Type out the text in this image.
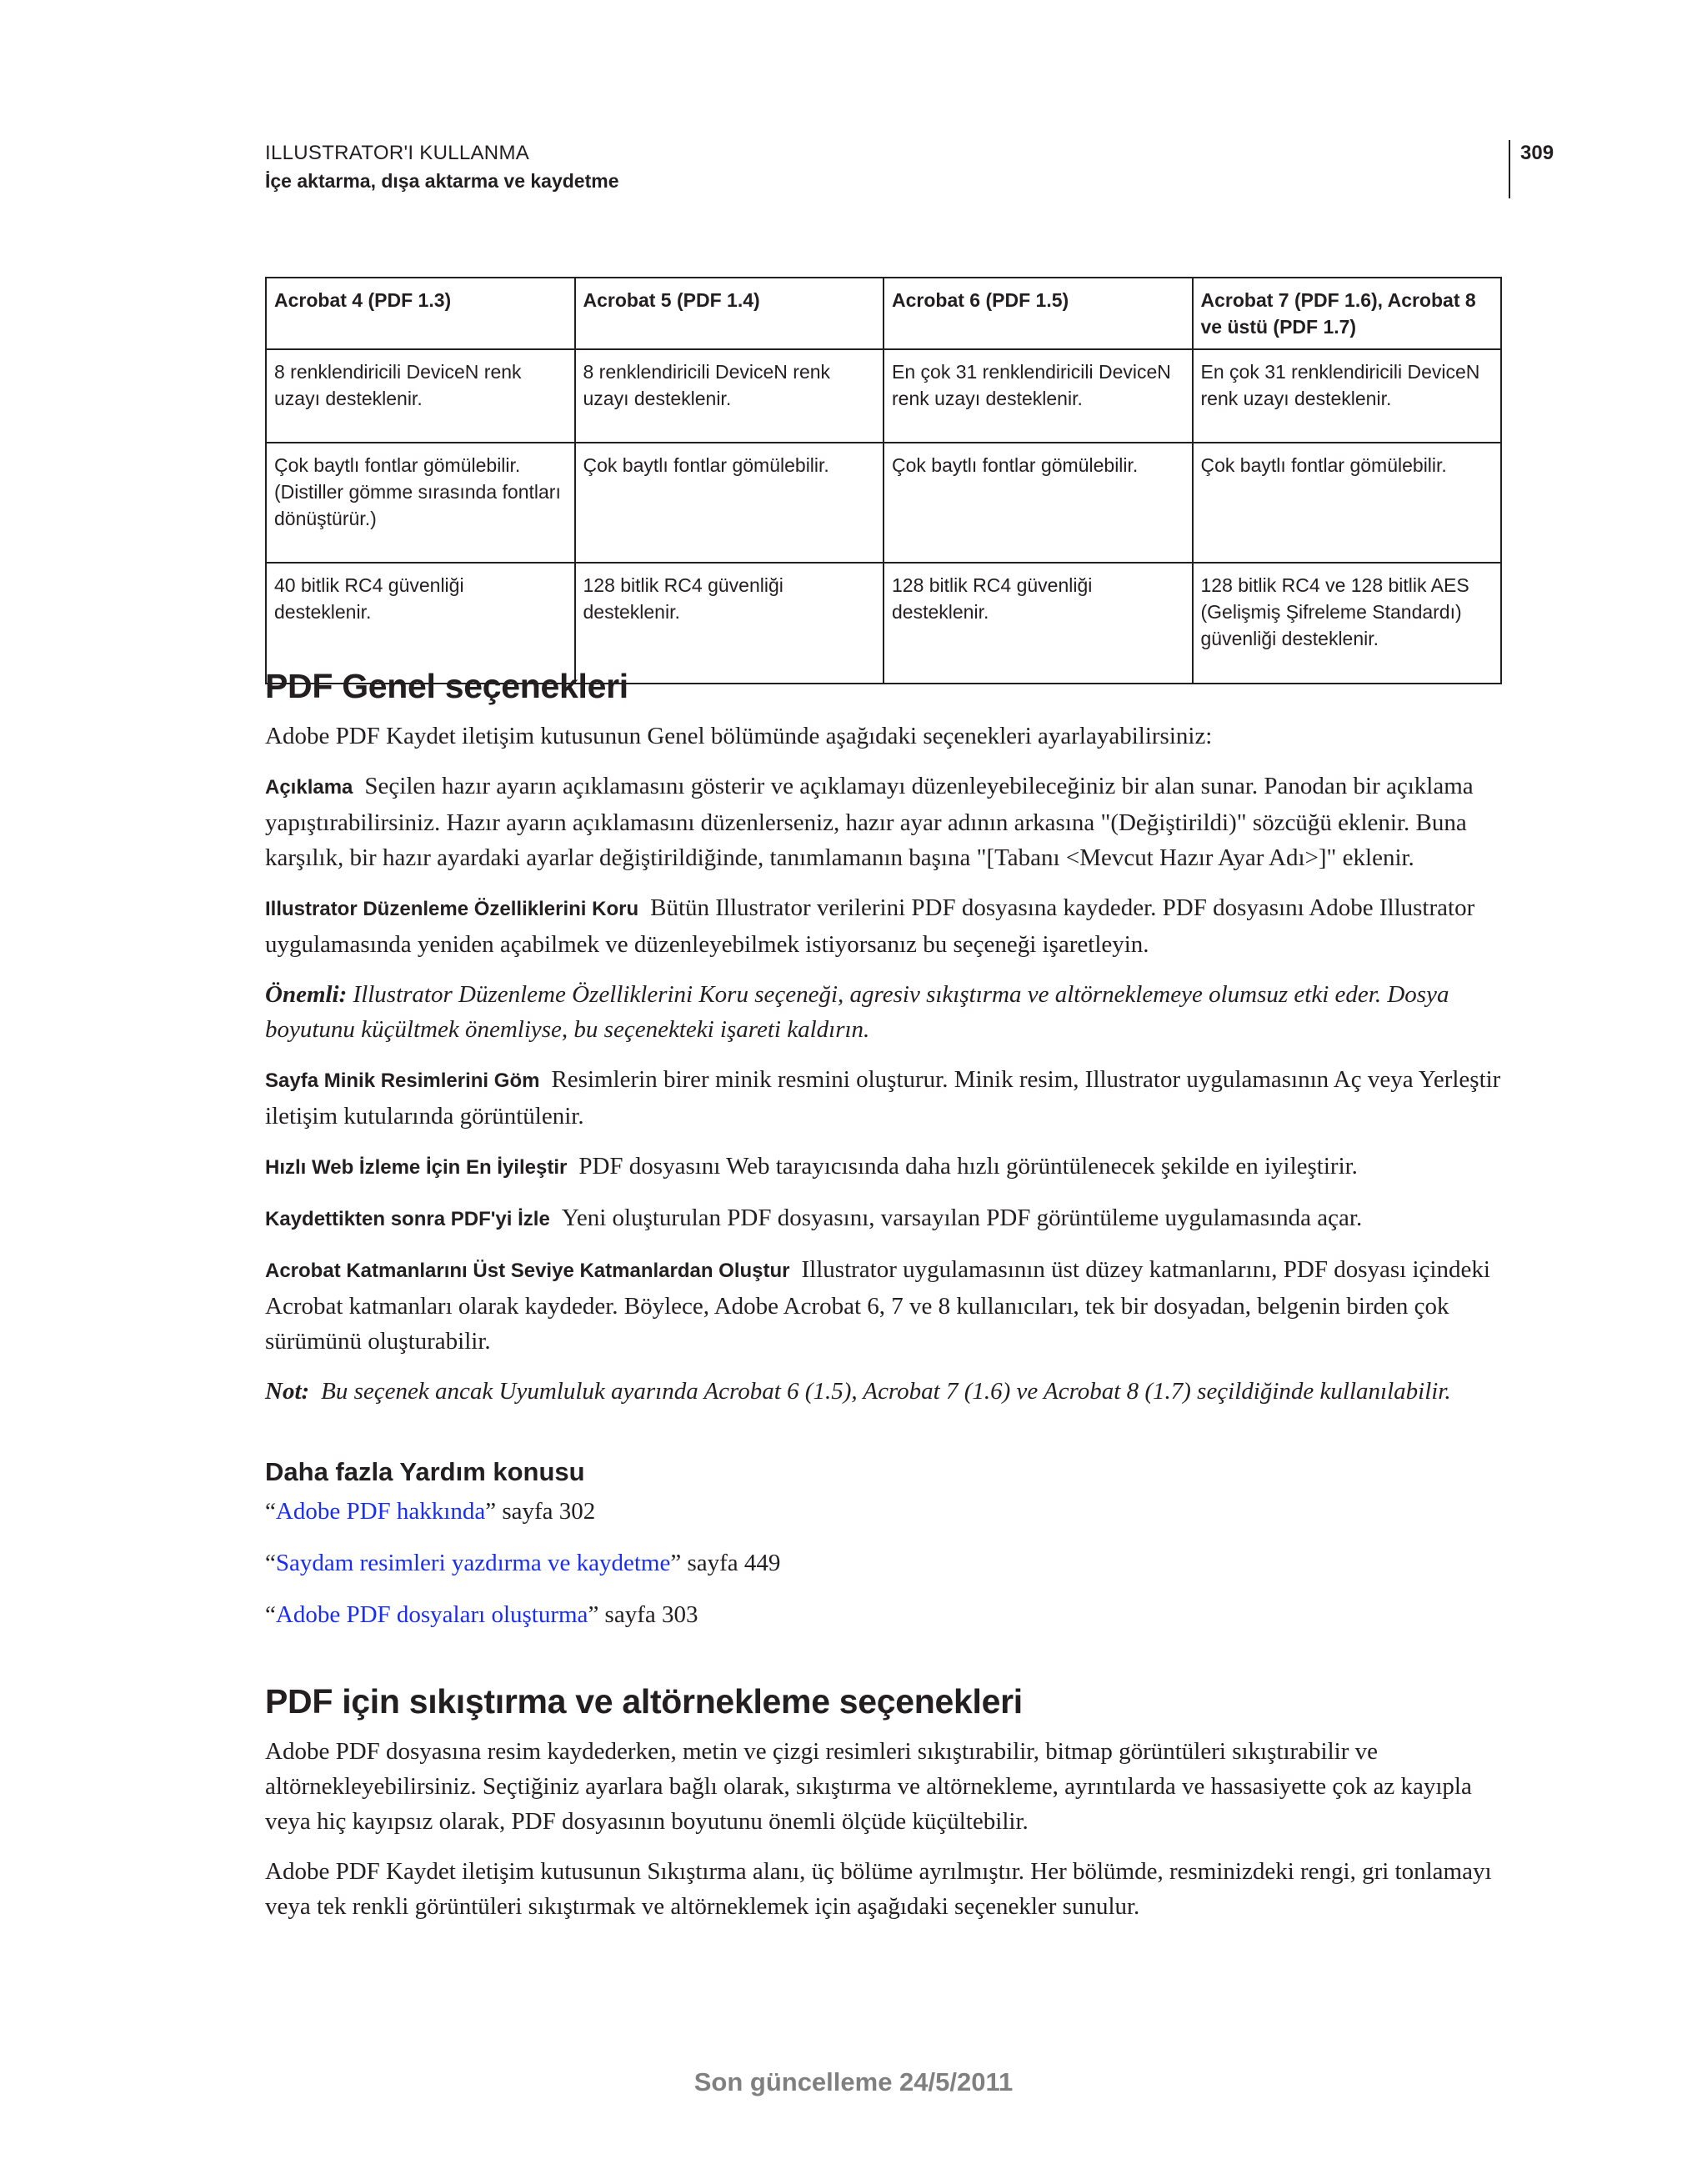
ILLUSTRATOR'I KULLANMA
İçe aktarma, dışa aktarma ve kaydetme
309
Acrobat 4 (PDF 1.3)	Acrobat 5 (PDF 1.4)	Acrobat 6 (PDF 1.5)	Acrobat 7 (PDF 1.6), Acrobat 8 ve üstü (PDF 1.7)
8 renklendiricili DeviceN renk uzayı desteklenir.	8 renklendiricili DeviceN renk uzayı desteklenir.	En çok 31 renklendiricili DeviceN renk uzayı desteklenir.	En çok 31 renklendiricili DeviceN renk uzayı desteklenir.
Çok baytlı fontlar gömülebilir. (Distiller gömme sırasında fontları dönüştürür.)	Çok baytlı fontlar gömülebilir.	Çok baytlı fontlar gömülebilir.	Çok baytlı fontlar gömülebilir.
40 bitlik RC4 güvenliği desteklenir.	128 bitlik RC4 güvenliği desteklenir.	128 bitlik RC4 güvenliği desteklenir.	128 bitlik RC4 ve 128 bitlik AES (Gelişmiş Şifreleme Standardı) güvenliği desteklenir.
PDF Genel seçenekleri

Adobe PDF Kaydet iletişim kutusunun Genel bölümünde aşağıdaki seçenekleri ayarlayabilirsiniz:

Açıklama Seçilen hazır ayarın açıklamasını gösterir ve açıklamayı düzenleyebileceğiniz bir alan sunar. Panodan bir açıklama yapıştırabilirsiniz. Hazır ayarın açıklamasını düzenlerseniz, hazır ayar adının arkasına "(Değiştirildi)" sözcüğü eklenir. Buna karşılık, bir hazır ayardaki ayarlar değiştirildiğinde, tanımlamanın başına "[Tabanı <Mevcut Hazır Ayar Adı>]" eklenir.

Illustrator Düzenleme Özelliklerini Koru Bütün Illustrator verilerini PDF dosyasına kaydeder. PDF dosyasını Adobe Illustrator uygulamasında yeniden açabilmek ve düzenleyebilmek istiyorsanız bu seçeneği işaretleyin.

Önemli: Illustrator Düzenleme Özelliklerini Koru seçeneği, agresiv sıkıştırma ve altörneklemeye olumsuz etki eder. Dosya boyutunu küçültmek önemliyse, bu seçenekteki işareti kaldırın.

Sayfa Minik Resimlerini Göm Resimlerin birer minik resmini oluşturur. Minik resim, Illustrator uygulamasının Aç veya Yerleştir iletişim kutularında görüntülenir.

Hızlı Web İzleme İçin En İyileştir PDF dosyasını Web tarayıcısında daha hızlı görüntülenecek şekilde en iyileştirir.

Kaydettikten sonra PDF'yi İzle Yeni oluşturulan PDF dosyasını, varsayılan PDF görüntüleme uygulamasında açar.

Acrobat Katmanlarını Üst Seviye Katmanlardan Oluştur Illustrator uygulamasının üst düzey katmanlarını, PDF dosyası içindeki Acrobat katmanları olarak kaydeder. Böylece, Adobe Acrobat 6, 7 ve 8 kullanıcıları, tek bir dosyadan, belgenin birden çok sürümünü oluşturabilir.

Not: Bu seçenek ancak Uyumluluk ayarında Acrobat 6 (1.5), Acrobat 7 (1.6) ve Acrobat 8 (1.7) seçildiğinde kullanılabilir.

Daha fazla Yardım konusu

“Adobe PDF hakkında” sayfa 302

“Saydam resimleri yazdırma ve kaydetme” sayfa 449

“Adobe PDF dosyaları oluşturma” sayfa 303

PDF için sıkıştırma ve altörnekleme seçenekleri

Adobe PDF dosyasına resim kaydederken, metin ve çizgi resimleri sıkıştırabilir, bitmap görüntüleri sıkıştırabilir ve altörnekleyebilirsiniz. Seçtiğiniz ayarlara bağlı olarak, sıkıştırma ve altörnekleme, ayrıntılarda ve hassasiyette çok az kayıpla veya hiç kayıpsız olarak, PDF dosyasının boyutunu önemli ölçüde küçültebilir.

Adobe PDF Kaydet iletişim kutusunun Sıkıştırma alanı, üç bölüme ayrılmıştır. Her bölümde, resminizdeki rengi, gri tonlamayı veya tek renkli görüntüleri sıkıştırmak ve altörneklemek için aşağıdaki seçenekler sunulur.

Son güncelleme 24/5/2011
